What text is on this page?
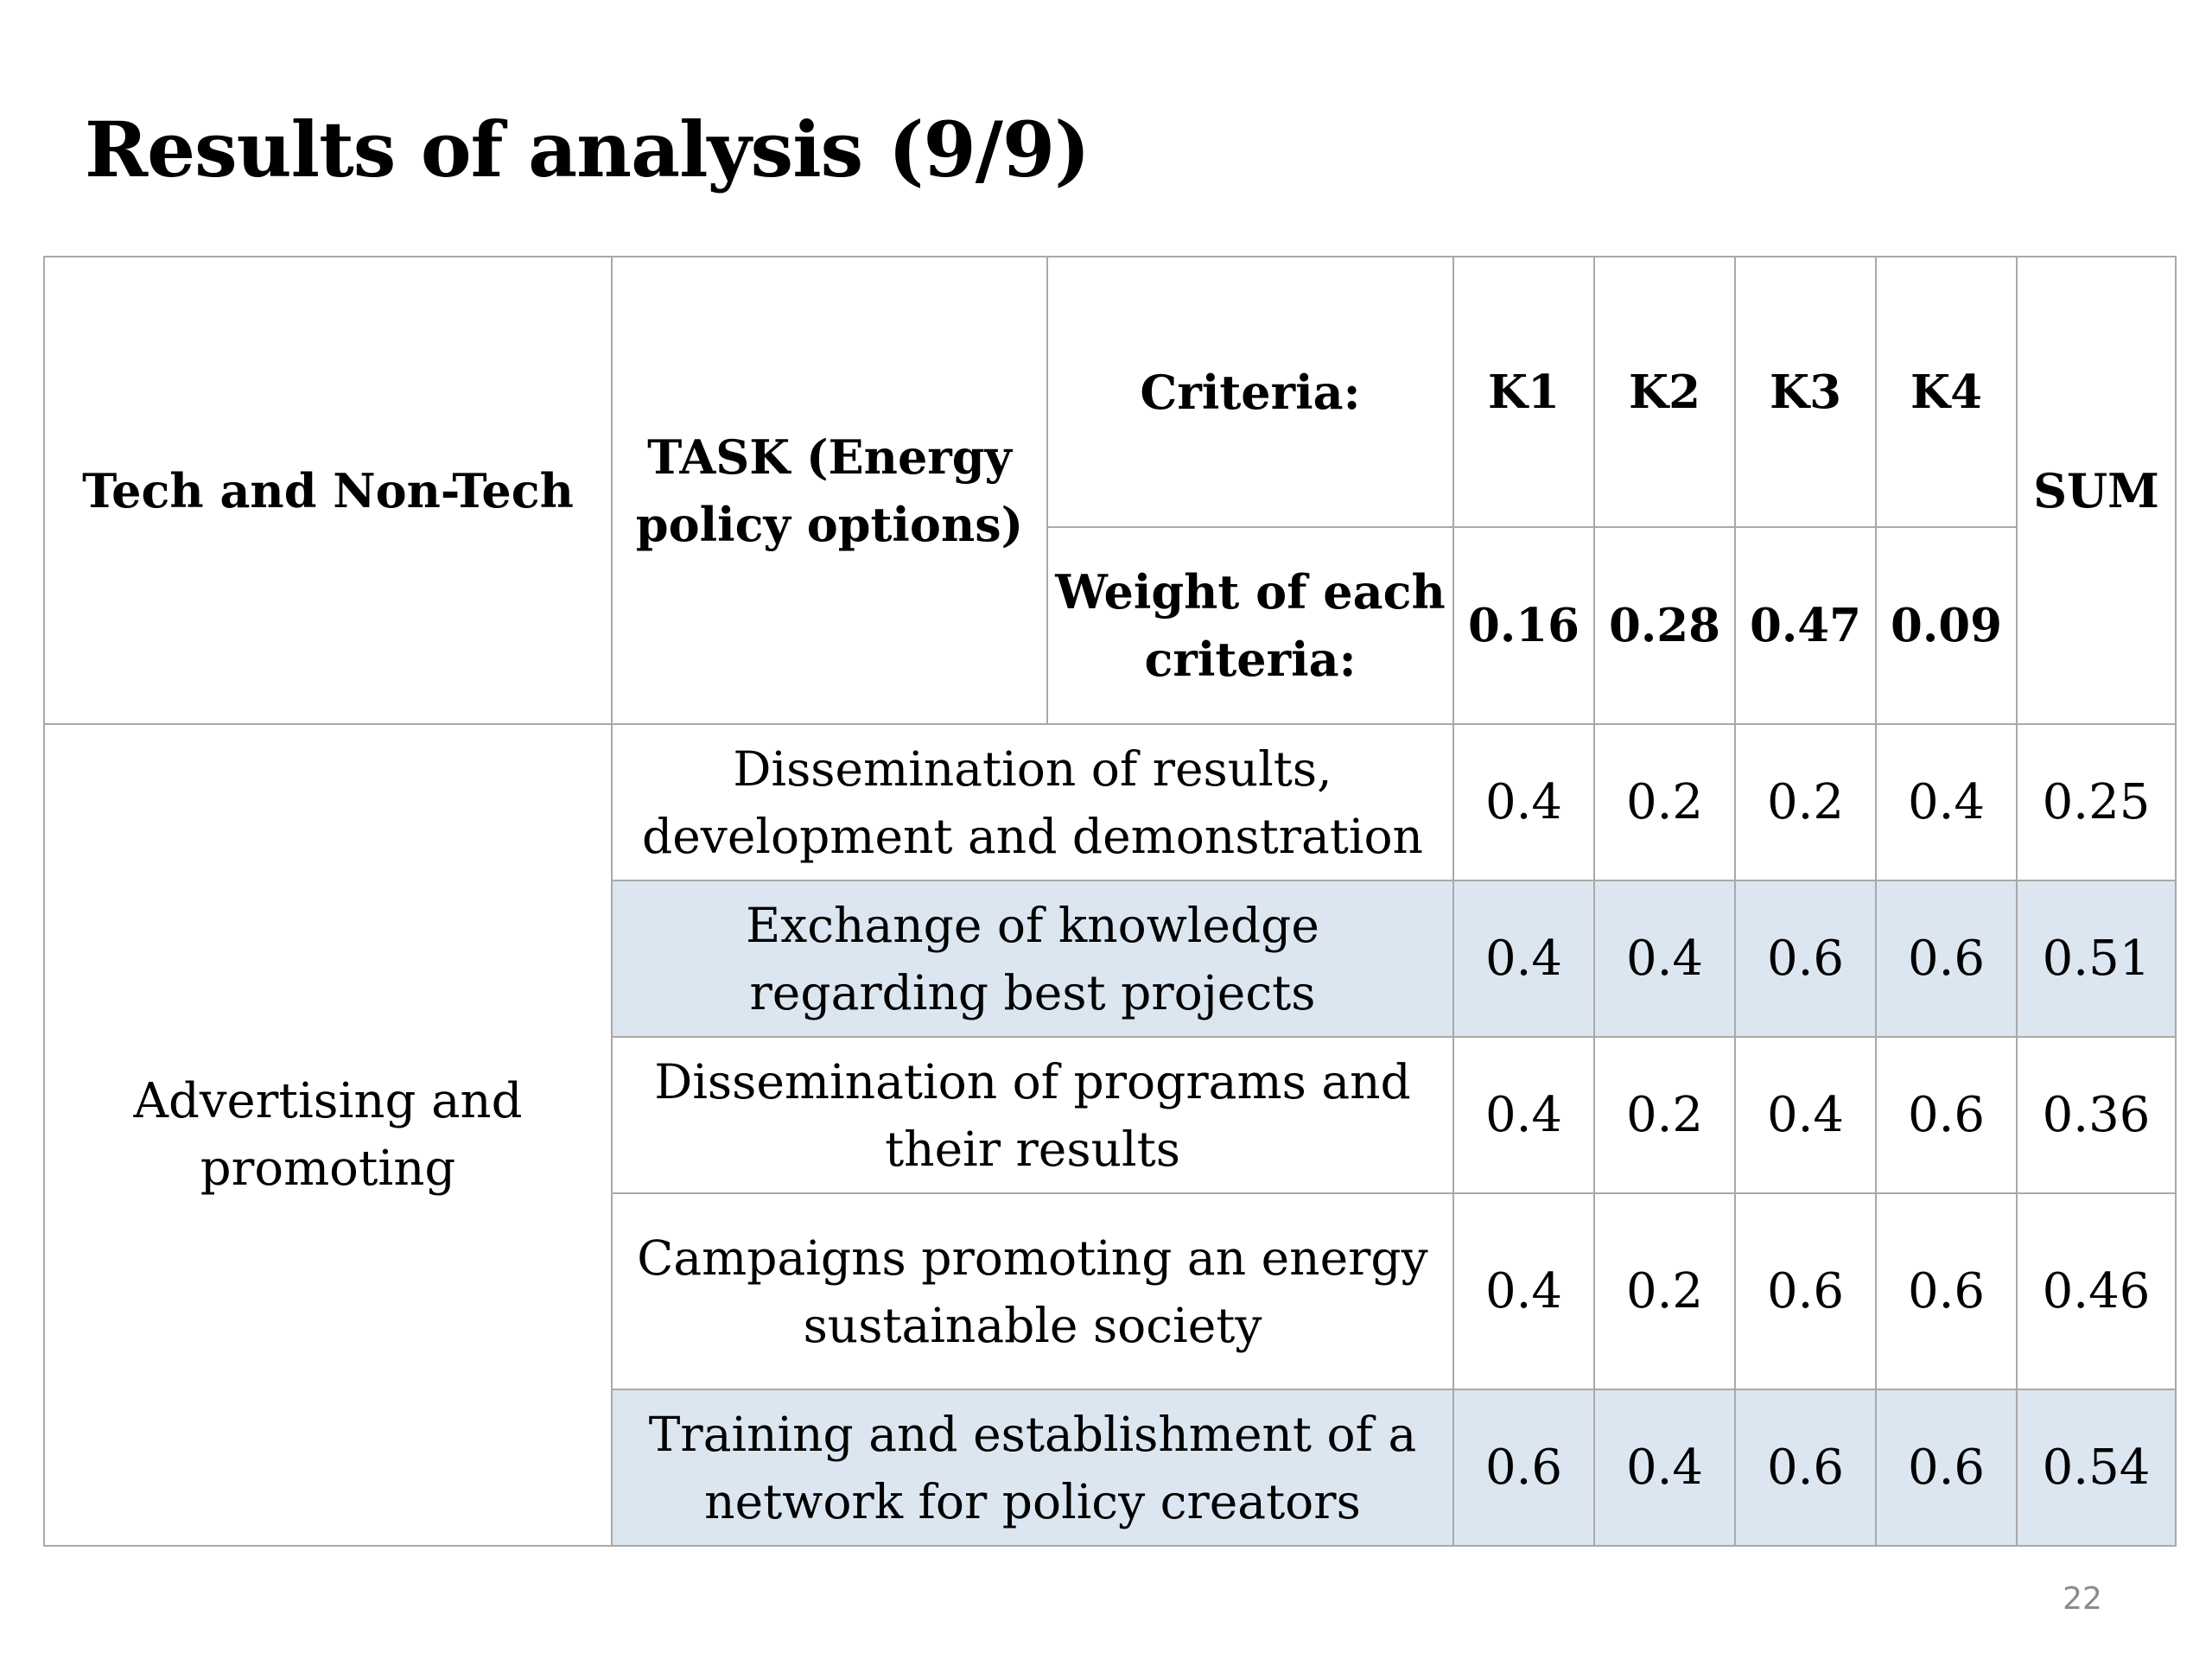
Results of analysis (9/9)
Tech and Non-Tech	TASK (Energy policy options)	Criteria:	K1	K2	K3	K4	SUM
		Weight of each criteria:	0.16	0.28	0.47	0.09	
Advertising and promoting	Dissemination of results, development and demonstration		0.4	0.2	0.2	0.4	0.25
	Exchange of knowledge regarding best projects		0.4	0.4	0.6	0.6	0.51
	Dissemination of programs and their results		0.4	0.2	0.4	0.6	0.36
	Campaigns promoting an energy sustainable society		0.4	0.2	0.6	0.6	0.46
	Training and establishment of a network for policy creators		0.6	0.4	0.6	0.6	0.54
22
